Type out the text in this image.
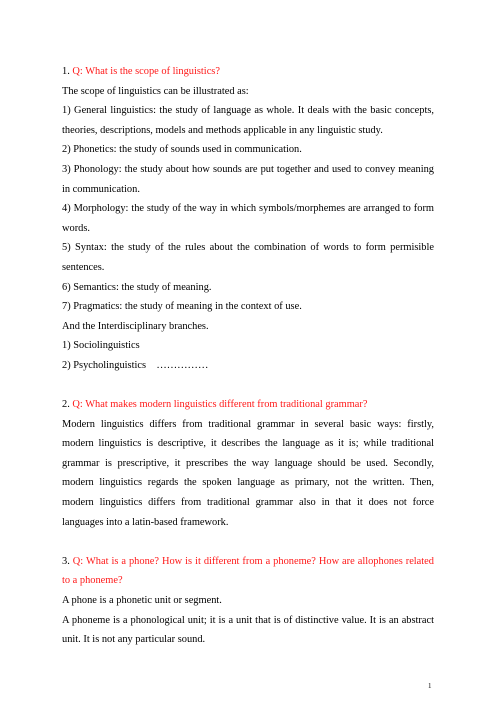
1. Q: What is the scope of linguistics?

The scope of linguistics can be illustrated as:

1) General linguistics: the study of language as whole. It deals with the basic concepts, theories, descriptions, models and methods applicable in any linguistic study.

2) Phonetics: the study of sounds used in communication.

3) Phonology: the study about how sounds are put together and used to convey meaning in communication.

4) Morphology: the study of the way in which symbols/morphemes are arranged to form words.

5) Syntax: the study of the rules about the combination of words to form permisible sentences.

6) Semantics: the study of meaning.

7) Pragmatics: the study of meaning in the context of use.

And the Interdisciplinary branches.

1) Sociolinguistics

2) Psycholinguistics    ……………

2. Q: What makes modern linguistics different from traditional grammar?

Modern linguistics differs from traditional grammar in several basic ways: firstly, modern linguistics is descriptive, it describes the language as it is; while traditional grammar is prescriptive, it prescribes the way language should be used. Secondly, modern linguistics regards the spoken language as primary, not the written. Then, modern linguistics differs from traditional grammar also in that it does not force languages into a latin-based framework.

3. Q: What is a phone? How is it different from a phoneme? How are allophones related to a phoneme?

A phone is a phonetic unit or segment.

A phoneme is a phonological unit; it is a unit that is of distinctive value. It is an abstract unit. It is not any particular sound.

1
